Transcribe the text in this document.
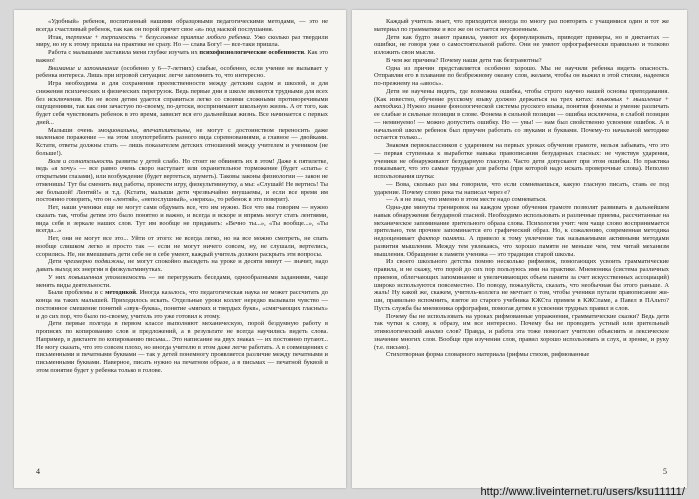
«Удобный» ребенок, воспитанный нашими образцовыми педагогическими методами, — это не всегда счастливый ребенок, так как он порой прячет свое «я» под маской послушания.

Итак, терпение + терпимость + безусловное приятие любого ребенка. Ужо сколько раз твердили миру, но ну к этому пришла на практике не сразу. Но — слава Богу! — все-таки пришла.

Работа с малышами заставила меня глубже изучать их психофизиологические особенности. Как это важно!

Внимание и запоминание (особенно у 6—7-летних) слабые, особенно, если учение не вызывает у ребенка интереса. Лишь при игровой ситуации: легче запомнить то, что интересно.

Игра необходима и для сохранения преемственности между детским садом и школой, и для снижения психических и физических перегрузок. Ведь первые дни в школе являются трудными для всех без исключения. Но не всем детям удается справиться легко со своими сложными противоречивыми ощущениями, так как они зачастую по-своему, по-детски, воспринимают школьную жизнь. А от того, как будет себя чувствовать ребенок в это время, зависит вся его дальнейшая жизнь. Все начинается с первых дней...

Малыши очень эмоциональны, впечатлительны, не могут с достоинством переносить даже маленькое поражение — на этом злоупотреблять разного вида соревнованиями, а главное — двойками. Кстати, ответы должны стать — лишь показателем детских отношений между учителем и учеником (не больше!).

Воля и сознательность развиты у детей слабо. Но стоит не обвинять их в этом! Даже к пятилетке, ведь «я хочу» — все равно очень скоро наступает или охранительное торможение (будет «спать» с открытыми глазами), или возбуждение (будет вертеться, шуметь). Таковы законы физиологии — закон не отменишь! Тут бы сменить вид работы, провести игру, физкультминутку, а мы: «Слушай! Не вертись! Ты же большой! Лентяй!» и т.д. (Кстати, малыши дети чрезвычайно внушаемы, и если все время им постоянно говорить, что он «лентяй», «непослушный», «неряха», то ребенок в это поверит).

Нет, наши ученики еще не могут сами обдумать все, что им нужно. Все что мы говорим — нужно сказать так, чтобы детям это было понятно и важно, и всегда и вскоре и впрямь могут стать лентяями, вида себя в зеркале наших слов. Тут им вообще не придавать: «Вечно ты...», «Ты вообще...», «Ты всегда...»

Нет, они не могут все это... Уйти от этого: не всегда легко, но на все можно смотреть, не спать вообще слишком легко и просто так — если не могут ничего совсем, ну, не слушали, вертелись, ссорились. Не, ни вмешивать дети себе не в себе умеют, каждый учитель должен раскрыть эти вопросы.

Дети чрезмерно подвижны, не могут спокойно высидеть на уроке и десяти минут — значит, надо давать выход их энергии в физкультминутках.

У них повышенная утомляемость — не перегружать беседами, однообразными заданиями, чаще менять виды деятельности.

Были проблемы и с методикой. Иногда казалось, что педагогическая наука не может рассчитать до конца на таких малышей. Приходилось искать. Отдельные уроки коллег нередко вызывали чувство — постоянное смешение понятий «звук–буква», понятие «мягких и твердых букв», «смягчающих гласных» и до сих пор, что было по-своему, учитель это уже готовил к этому.

Дети первые полгода в первом классе выполняют механическую, порой бездумную работу в прописях по копированию слов и предложений, а в результате не всегда научились видеть слова. Например, в диктанте по копированию письма... Это написание на двух знаках — их постоянно путают... Не могу сказать, что это совсем плохо, но иногда учителю в этом даже легче работать. А в совмещениях с письменными и печатными буквами — так у детей понемногу проявляется различие между печатными и письменными буквами. Наверное, писать нужно на печатном образе, а в письмах — печатной буквой в этом понятие будет у ребенка только в голове.

4

Каждый учитель знает, что приходится иногда по многу раз повторять с учащимися один и тот же материал по грамматике и все же он остается неусвоенным.

Дети как будто знают правила, умеют их формулировать, приводят примеры, но в диктантах — ошибки, не говоря уже о самостоятельной работе. Они не умеют орфографически правильно и толково изложить свои мысли.

В чем же причина? Почему наши дети так безграмотны?

Одна из причин представляется особенно хорошо. Мы не научили ребенка видеть опасность. Отправляя его в плавание по безбрежному океану слов, желаем, чтобы он выжил в этой стихии, надеемся по-прежнему на «авось».

Дети не научены видеть, где возможна ошибка, чтобы строго научно нашей основы преподавания. (Как известно, обучение русскому языку должно держаться на трех китах: языковых + мышление + методика.) Нужно знание фонологической системы русского языка, понятия фонемы и умение различать ее слабые и сильные позиции в слове. Фонема в сильной позиции — ошибка исключена, в слабой позиции — неминуемо! — можно допустить ошибку. Но — увы! — нам был свойственно усвоение ошибок. А в начальной школе ребенок был приучен работать со звуками и буквами. Почему-то начальной методике остается только...

Знакомя первоклассников с ударением на первых уроках обучения грамоте, нельзя забывать, что это — первая ступенька к выработке навыка правописания безударных гласных: не чувствуя ударения, ученики не обнаруживают безударную гласную. Часто дети допускают при этом ошибки. Но практика показывает, что это самые трудные для работы (при которой надо искать проверочные слова). Неполно использования шутка:

— Вова, сколько раз мы говорили, что если сомневаешься, какую гласную писать, ставь ее под ударение. Почему слово река ты написал через е?

— А я не знал, что именно в этом месте надо сомневаться.

Одна-две минуты тренировок на каждом уроке обучения грамоте позволят развивать в дальнейшем навык обнаружения безударной гласной. Необходимо использовать и различные приемы, рассчитанные на механическое запоминание зрительного образа слова. Психология учит: чем чаще слово воспринимается зрительно, тем прочнее запоминается его графический образ. Но, к сожалению, современная методика недооценивает фактор памяти. А привело к тому увлечение так называемыми активными методами развития мышления. Между тем увлекаясь, что хорошо памяти не меньше чем, тем читай механизм мышления. Обращение к памяти ученика — это традиция старой школы.

Из своего школьного детства помню несколько рифмовок, помогающих усвоить грамматические правила, и не скажу, что порой до сих пор пользуюсь ими на практике. Мнемоника (система различных приемов, облегчающих запоминание и увеличивающих объем памяти за счет искусственных ассоциаций) широко используются повсеместно. По поводу, пожалуйста, сказать, что необычная бы этого раньше. А жаль! Ну какой же, скажем, учитель-коллега не мечтает о том, чтобы ученики путали правописание жи-ши, правильно вспомнить, взятое из старого учебника КЖСта примем в КЖСпаме, а Павел в ПАльто? Пусть служба бы мнемоника орфографии, помогая детям в усвоении трудных правил и слов.

Почему бы не использовать на уроках рифмованные упражнения, грамматические сказки? Ведь дети так чутки к слову, к образу, им все интересно. Почему бы не проводить устный или зрительный этимологический анализ слов? Правда, и работа эта тоже помогает учителю объяснить и лексическое значение многих слов. Вообще при изучении слов, правил хорошо использовать и слух, и зрение, и руку (т.е. письмо).

Стихотворная форма словарного материала (рифмы стихов, рифмованные

5
http://www.liveinternet.ru/users/ksu11111/
